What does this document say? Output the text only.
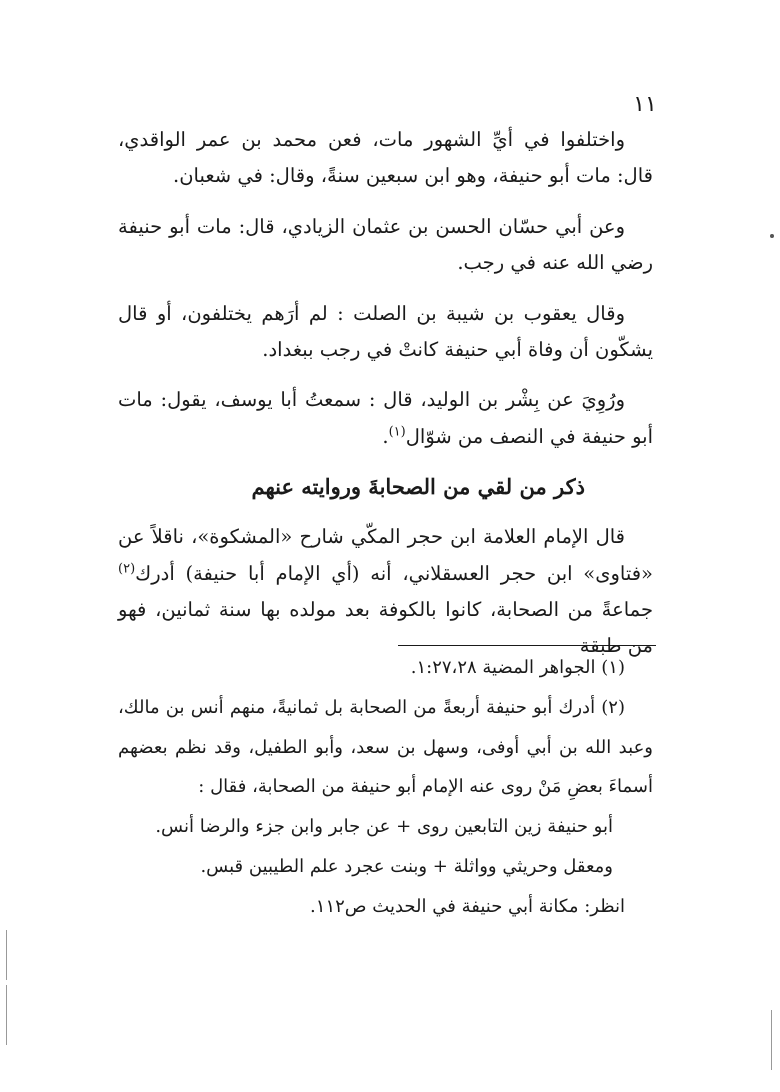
١١

واختلفوا في أيِّ الشهور مات، فعن محمد بن عمر الواقدي، قال: مات أبو حنيفة، وهو ابن سبعين سنةً، وقال: في شعبان.

وعن أبي حسّان الحسن بن عثمان الزيادي، قال: مات أبو حنيفة رضي الله عنه في رجب.

وقال يعقوب بن شيبة بن الصلت : لم أرَهم يختلفون، أو قال يشكّون أن وفاة أبي حنيفة كانتْ في رجب ببغداد.

ورُوِيَ عن بِشْر بن الوليد، قال : سمعتُ أبا يوسف، يقول: مات أبو حنيفة في النصف من شوّال$^{(١)}$.

ذكر من لقي من الصحابةَ وروايته عنهم

قال الإمام العلامة ابن حجر المكّي شارح «المشكوة»، ناقلاً عن «فتاوى» ابن حجر العسقلاني، أنه (أي الإمام أبا حنيفة) أدرك$^{(٢)}$ جماعةً من الصحابة، كانوا بالكوفة بعد مولده بها سنة ثمانين، فهو من طبقة

(١) الجواهر المضية ١:٢٧،٢٨.

(٢) أدرك أبو حنيفة أربعةً من الصحابة بل ثمانيةً، منهم أنس بن مالك، وعبد الله بن أبي أوفى، وسهل بن سعد، وأبو الطفيل، وقد نظم بعضهم أسماءَ بعضِ مَنْ روى عنه الإمام أبو حنيفة من الصحابة، فقال :

أبو حنيفة زين التابعين روى + عن جابر وابن جزء والرضا أنس.

ومعقل وحريثي وواثلة + وبنت عجرد علم الطيبين قبس.

انظر: مكانة أبي حنيفة في الحديث ص١١٢.
